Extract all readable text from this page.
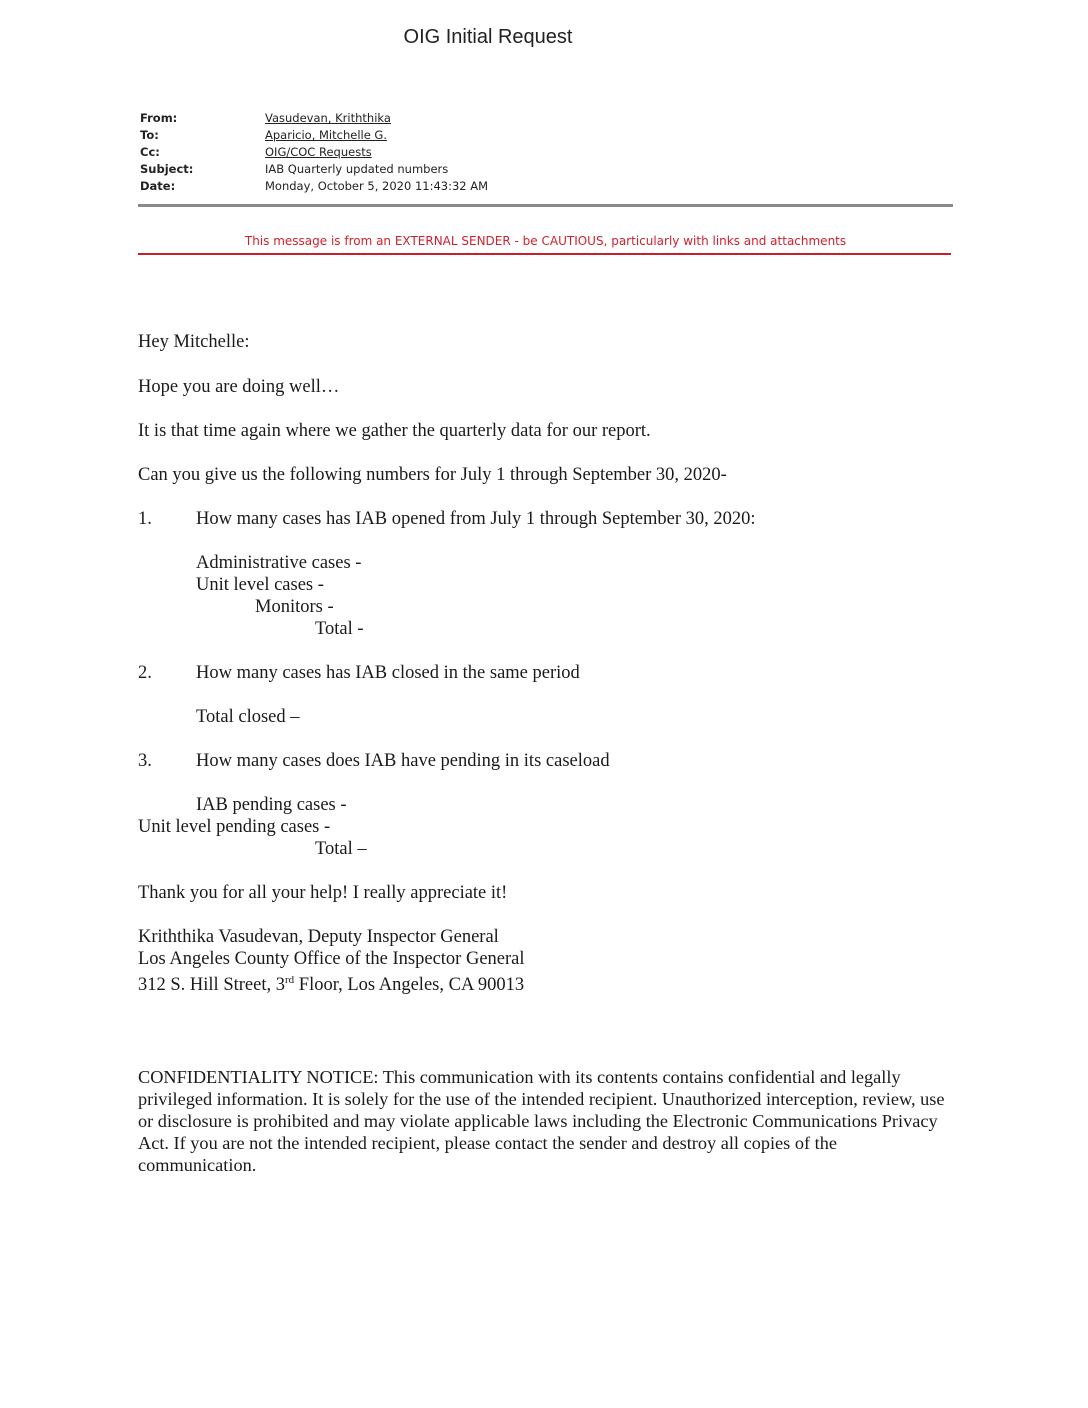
OIG Initial Request
From:	Vasudevan, Kriththika
To:	Aparicio, Mitchelle G.
Cc:	OIG/COC Requests
Subject:	IAB Quarterly updated numbers
Date:	Monday, October 5, 2020 11:43:32 AM
This message is from an EXTERNAL SENDER - be CAUTIOUS, particularly with links and attachments
Hey Mitchelle:
Hope you are doing well…
It is that time again where we gather the quarterly data for our report.
Can you give us the following numbers for July 1 through September 30, 2020-
1. How many cases has IAB opened from July 1 through September 30, 2020:
Administrative cases -
Unit level cases -
Monitors -
Total -
2. How many cases has IAB closed in the same period
Total closed –
3. How many cases does IAB have pending in its caseload
IAB pending cases -
Unit level pending cases -
Total –
Thank you for all your help! I really appreciate it!
Kriththika Vasudevan, Deputy Inspector General
Los Angeles County Office of the Inspector General
312 S. Hill Street, 3rd Floor, Los Angeles, CA 90013
CONFIDENTIALITY NOTICE: This communication with its contents contains confidential and legally privileged information. It is solely for the use of the intended recipient. Unauthorized interception, review, use or disclosure is prohibited and may violate applicable laws including the Electronic Communications Privacy Act. If you are not the intended recipient, please contact the sender and destroy all copies of the communication.
